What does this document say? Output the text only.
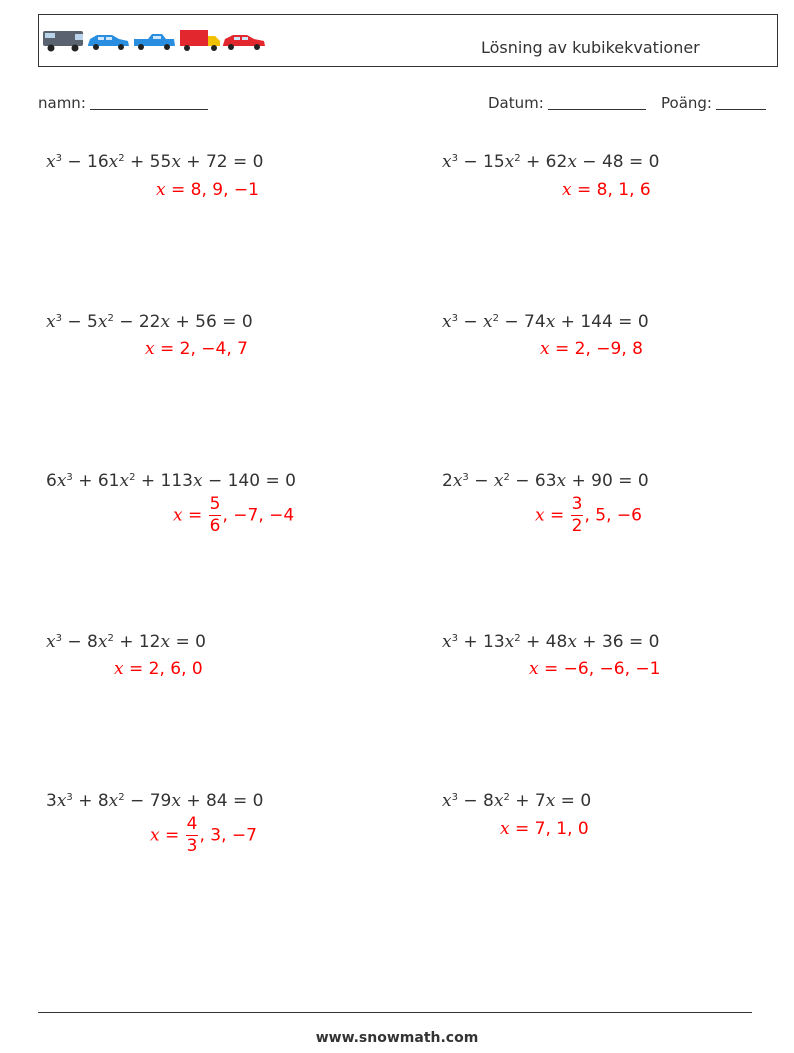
Lösning av kubikekvationer
namn:	Datum:	Poäng:
$x^3 - 16x^2 + 55x + 72 = 0$
x = 8, 9, −1
$x^3 - 15x^2 + 62x - 48 = 0$
x = 8, 1, 6
$x^3 - 5x^2 - 22x + 56 = 0$
x = 2, −4, 7
$x^3 - x^2 - 74x + 144 = 0$
x = 2, −9, 8
$6x^3 + 61x^2 + 113x - 140 = 0$
$x = \frac{5}{6}$ , −7, −4
$2x^3 - x^2 - 63x + 90 = 0$
$x = \frac{3}{2}$ , 5, −6
$x^3 - 8x^2 + 12x = 0$
x = 2, 6, 0
$x^3 + 13x^2 + 48x + 36 = 0$
x = −6, −6, −1
$3x^3 + 8x^2 - 79x + 84 = 0$
$x = \frac{4}{3}$ , 3, −7
$x^3 - 8x^2 + 7x = 0$
x = 7, 1, 0
www.snowmath.com
